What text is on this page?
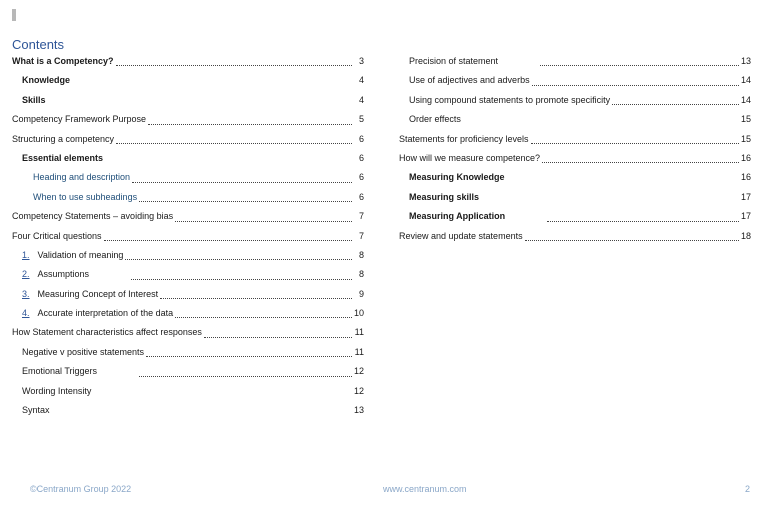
Contents
What is a Competency?	3
Knowledge	4
Skills	4
Competency Framework Purpose	5
Structuring a competency	6
Essential elements	6
Heading and description	6
When to use subheadings	6
Competency Statements – avoiding bias	7
Four Critical questions	7
1. Validation of meaning	8
2. Assumptions	8
3. Measuring Concept of Interest	9
4. Accurate interpretation of the data	10
How Statement characteristics affect responses	11
Negative v positive statements	11
Emotional Triggers	12
Wording Intensity	12
Syntax	13
Precision of statement	13
Use of adjectives and adverbs	14
Using compound statements to promote specificity	14
Order effects	15
Statements for proficiency levels	15
How will we measure competence?	16
Measuring Knowledge	16
Measuring skills	17
Measuring Application	17
Review and update statements	18
©Centranum Group 2022	www.centranum.com	2
